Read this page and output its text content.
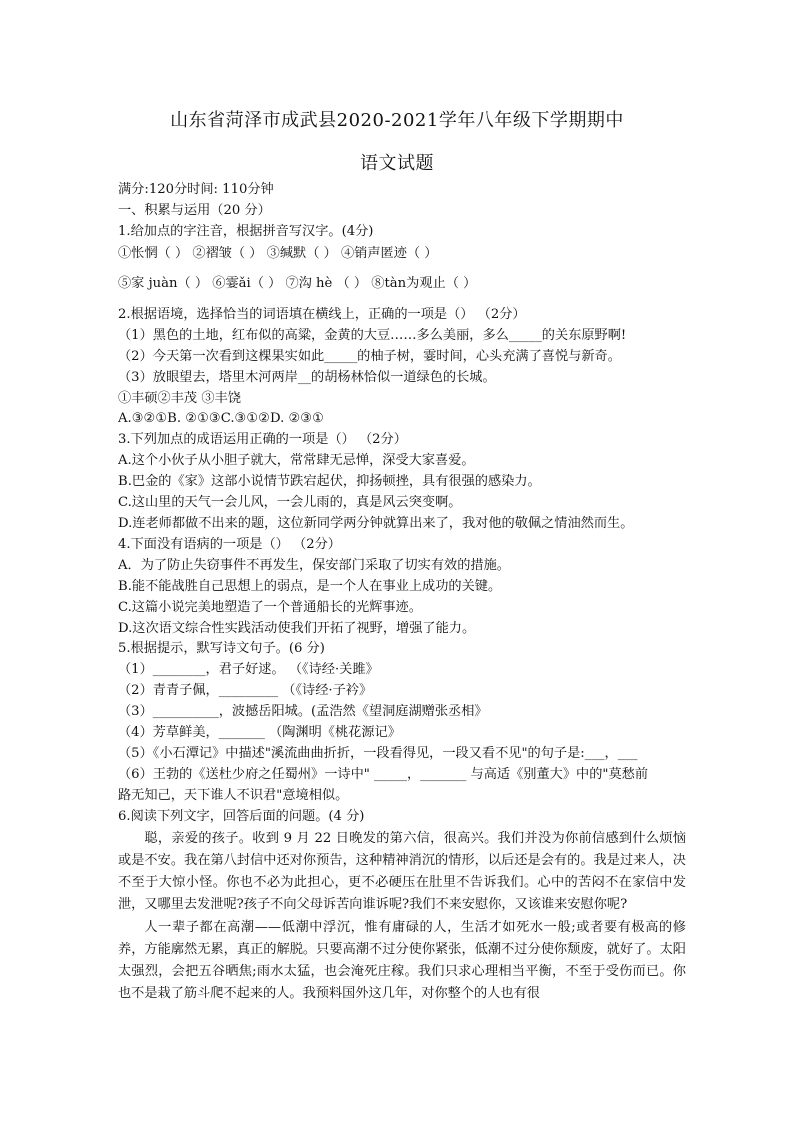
山东省菏泽市成武县2020-2021学年八年级下学期期中
语文试题
满分:120分时间: 110分钟
一、积累与运用（20 分）
1.给加点的字注音，根据拼音写汉字。(4分)
①怅惘（ ） ②褶皱（ ） ③缄默（ ） ④销声匿迹（ ）
⑤家 juàn（ ） ⑥霎ǎi（ ） ⑦沟 hè （ ） ⑧tàn为观止（ ）
2.根据语境，选择恰当的词语填在横线上，正确的一项是（） （2分）
（1）黑色的土地，红布似的高粱，金黄的大豆……多么美丽，多么_____的关东原野啊!
（2）今天第一次看到这棵果实如此_____的柚子树，霎时间，心头充满了喜悦与新奇。
（3）放眼望去，塔里木河两岸__的胡杨林恰似一道绿色的长城。
①丰硕②丰茂 ③丰饶
A.③②①B. ②①③C.③①②D. ②③①
3.下列加点的成语运用正确的一项是（） （2分）
A.这个小伙子从小胆子就大，常常肆无忌惮，深受大家喜爱。
B.巴金的《家》这部小说情节跌宕起伏，抑扬顿挫，具有很强的感染力。
C.这山里的天气一会儿风，一会儿雨的，真是风云突变啊。
D.连老师都做不出来的题，这位新同学两分钟就算出来了，我对他的敬佩之情油然而生。
4.下面没有语病的一项是（） （2分）
A．为了防止失窃事件不再发生，保安部门采取了切实有效的措施。
B.能不能战胜自己思想上的弱点，是一个人在事业上成功的关键。
C.这篇小说完美地塑造了一个普通船长的光辉事迹。
D.这次语文综合性实践活动使我们开拓了视野，增强了能力。
5.根据提示，默写诗文句子。(6 分)
（1）________，君子好逑。 （《诗经·关雎》
（2）青青子佩，_________ （《诗经·子衿》
（3）__________，波撼岳阳城。(孟浩然《望洞庭湖赠张丞相》
（4）芳草鲜美，_______ （陶渊明《桃花源记》
（5）《小石潭记》中描述"溪流曲曲折折，一段看得见，一段又看不见"的句子是:___，___
（6）王勃的《送杜少府之任蜀州》一诗中" _____，_______ 与高适《别董大》中的"莫愁前
路无知己，天下谁人不识君"意境相似。
6.阅读下列文字，回答后面的问题。(4 分)
聪，亲爱的孩子。收到 9 月 22 日晚发的第六信，很高兴。我们并没为你前信感到什么烦恼或是不安。我在第八封信中还对你预告，这种精神消沉的情形，以后还是会有的。我是过来人，决不至于大惊小怪。你也不必为此担心，更不必硬压在肚里不告诉我们。心中的苦闷不在家信中发泄，又哪里去发泄呢?孩子不向父母诉苦向谁诉呢?我们不来安慰你，又该谁来安慰你呢?
人一辈子都在高潮——低潮中浮沉，惟有庸碌的人，生活才如死水一般;或者要有极高的修养，方能廓然无累，真正的解脱。只要高潮不过分使你紧张，低潮不过分使你颓废，就好了。太阳太强烈，会把五谷晒焦;雨水太猛，也会淹死庄稼。我们只求心理相当平衡，不至于受伤而已。你也不是栽了筋斗爬不起来的人。我预料国外这几年，对你整个的人也有很
